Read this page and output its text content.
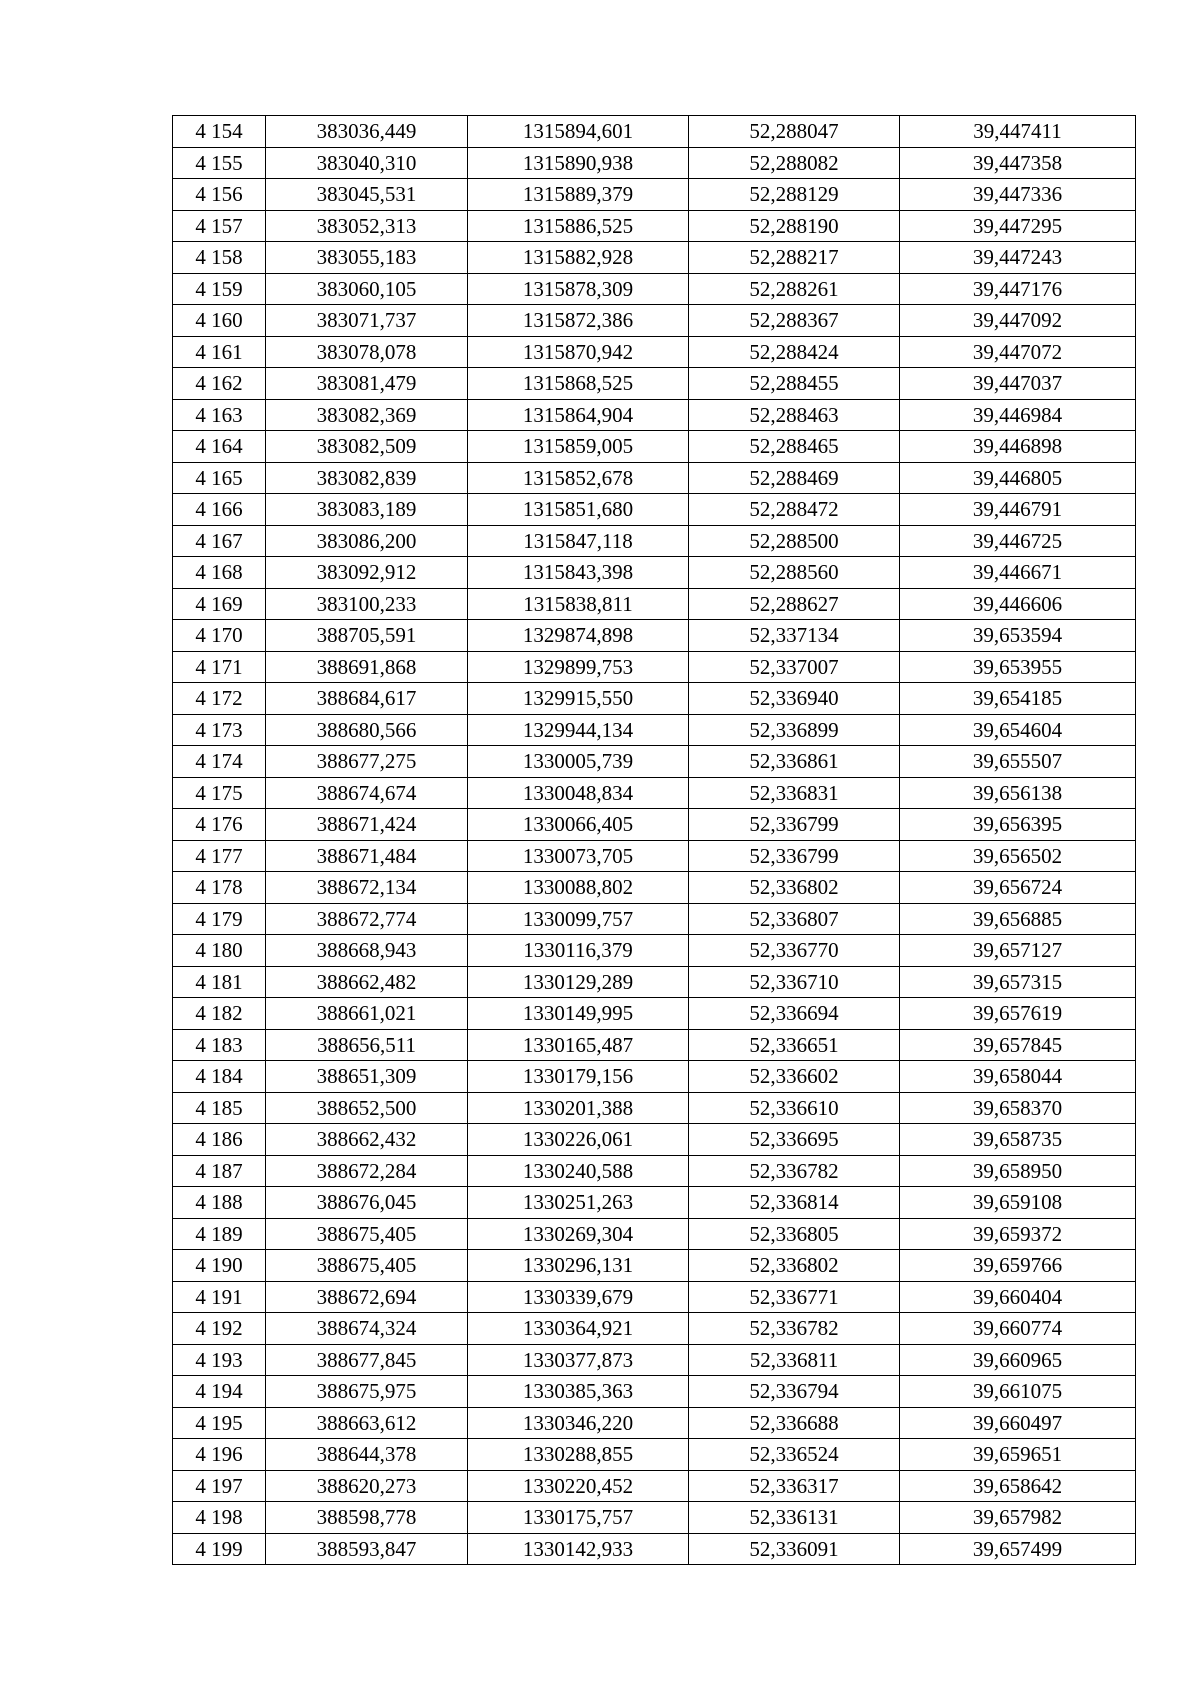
4 154	383036,449	1315894,601	52,288047	39,447411
4 155	383040,310	1315890,938	52,288082	39,447358
4 156	383045,531	1315889,379	52,288129	39,447336
4 157	383052,313	1315886,525	52,288190	39,447295
4 158	383055,183	1315882,928	52,288217	39,447243
4 159	383060,105	1315878,309	52,288261	39,447176
4 160	383071,737	1315872,386	52,288367	39,447092
4 161	383078,078	1315870,942	52,288424	39,447072
4 162	383081,479	1315868,525	52,288455	39,447037
4 163	383082,369	1315864,904	52,288463	39,446984
4 164	383082,509	1315859,005	52,288465	39,446898
4 165	383082,839	1315852,678	52,288469	39,446805
4 166	383083,189	1315851,680	52,288472	39,446791
4 167	383086,200	1315847,118	52,288500	39,446725
4 168	383092,912	1315843,398	52,288560	39,446671
4 169	383100,233	1315838,811	52,288627	39,446606
4 170	388705,591	1329874,898	52,337134	39,653594
4 171	388691,868	1329899,753	52,337007	39,653955
4 172	388684,617	1329915,550	52,336940	39,654185
4 173	388680,566	1329944,134	52,336899	39,654604
4 174	388677,275	1330005,739	52,336861	39,655507
4 175	388674,674	1330048,834	52,336831	39,656138
4 176	388671,424	1330066,405	52,336799	39,656395
4 177	388671,484	1330073,705	52,336799	39,656502
4 178	388672,134	1330088,802	52,336802	39,656724
4 179	388672,774	1330099,757	52,336807	39,656885
4 180	388668,943	1330116,379	52,336770	39,657127
4 181	388662,482	1330129,289	52,336710	39,657315
4 182	388661,021	1330149,995	52,336694	39,657619
4 183	388656,511	1330165,487	52,336651	39,657845
4 184	388651,309	1330179,156	52,336602	39,658044
4 185	388652,500	1330201,388	52,336610	39,658370
4 186	388662,432	1330226,061	52,336695	39,658735
4 187	388672,284	1330240,588	52,336782	39,658950
4 188	388676,045	1330251,263	52,336814	39,659108
4 189	388675,405	1330269,304	52,336805	39,659372
4 190	388675,405	1330296,131	52,336802	39,659766
4 191	388672,694	1330339,679	52,336771	39,660404
4 192	388674,324	1330364,921	52,336782	39,660774
4 193	388677,845	1330377,873	52,336811	39,660965
4 194	388675,975	1330385,363	52,336794	39,661075
4 195	388663,612	1330346,220	52,336688	39,660497
4 196	388644,378	1330288,855	52,336524	39,659651
4 197	388620,273	1330220,452	52,336317	39,658642
4 198	388598,778	1330175,757	52,336131	39,657982
4 199	388593,847	1330142,933	52,336091	39,657499
